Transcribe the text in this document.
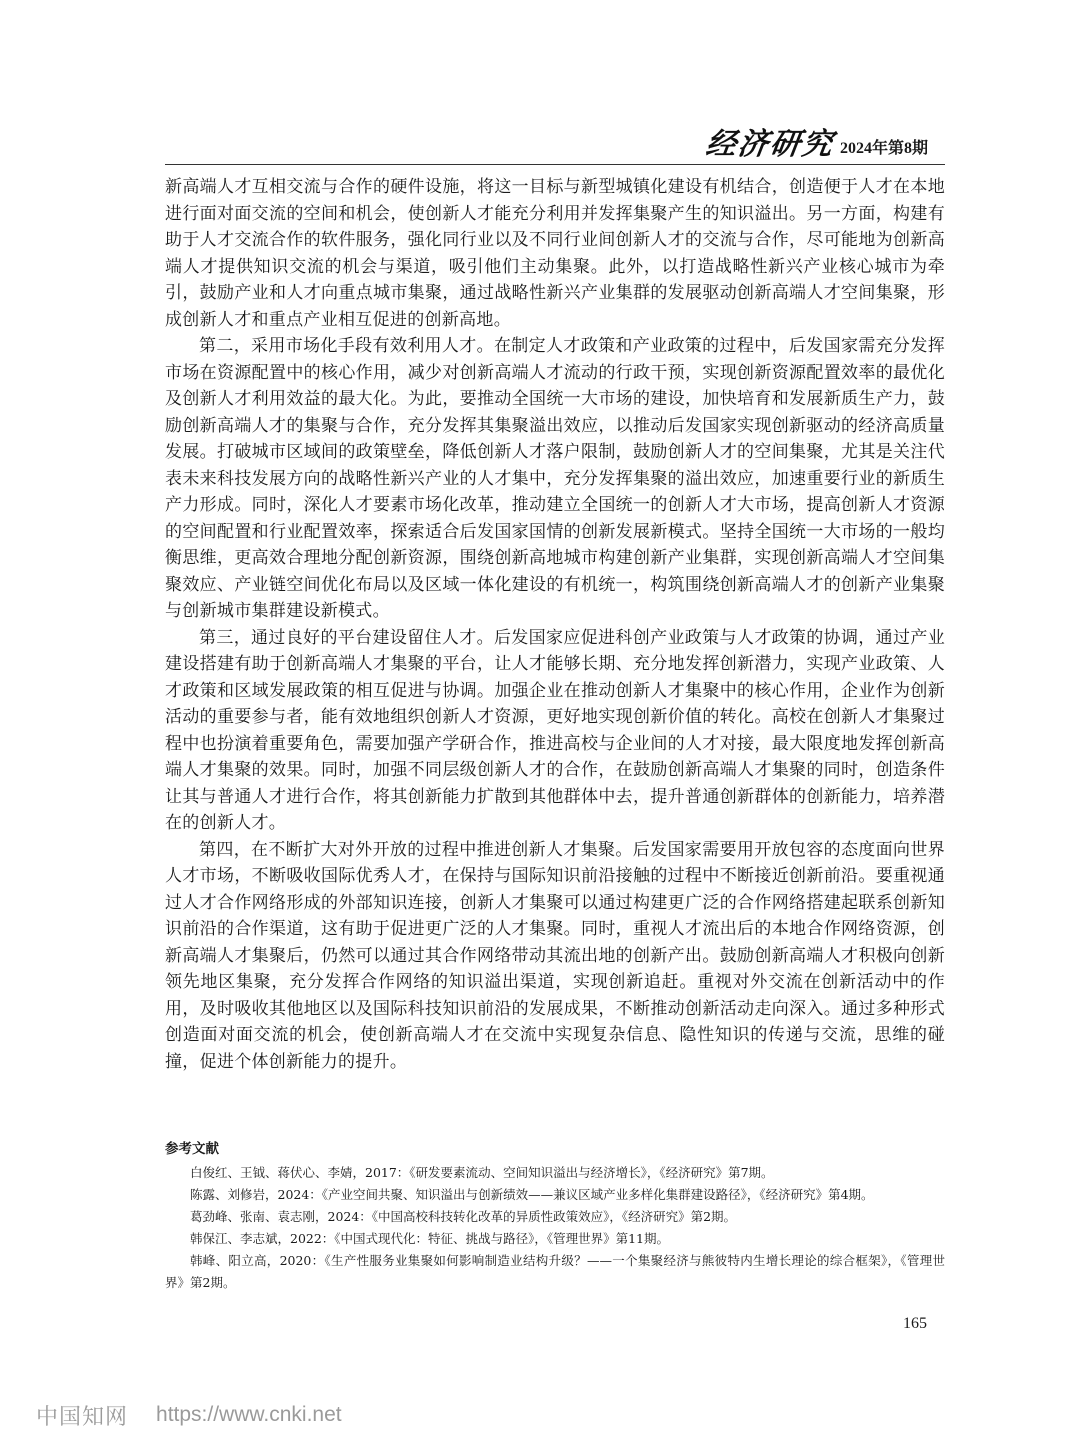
经济研究 2024年第8期

新高端人才互相交流与合作的硬件设施，将这一目标与新型城镇化建设有机结合，创造便于人才在本地进行面对面交流的空间和机会，使创新人才能充分利用并发挥集聚产生的知识溢出。另一方面，构建有助于人才交流合作的软件服务，强化同行业以及不同行业间创新人才的交流与合作，尽可能地为创新高端人才提供知识交流的机会与渠道，吸引他们主动集聚。此外，以打造战略性新兴产业核心城市为牵引，鼓励产业和人才向重点城市集聚，通过战略性新兴产业集群的发展驱动创新高端人才空间集聚，形成创新人才和重点产业相互促进的创新高地。

第二，采用市场化手段有效利用人才。在制定人才政策和产业政策的过程中，后发国家需充分发挥市场在资源配置中的核心作用，减少对创新高端人才流动的行政干预，实现创新资源配置效率的最优化及创新人才利用效益的最大化。为此，要推动全国统一大市场的建设，加快培育和发展新质生产力，鼓励创新高端人才的集聚与合作，充分发挥其集聚溢出效应，以推动后发国家实现创新驱动的经济高质量发展。打破城市区域间的政策壁垒，降低创新人才落户限制，鼓励创新人才的空间集聚，尤其是关注代表未来科技发展方向的战略性新兴产业的人才集中，充分发挥集聚的溢出效应，加速重要行业的新质生产力形成。同时，深化人才要素市场化改革，推动建立全国统一的创新人才大市场，提高创新人才资源的空间配置和行业配置效率，探索适合后发国家国情的创新发展新模式。坚持全国统一大市场的一般均衡思维，更高效合理地分配创新资源，围绕创新高地城市构建创新产业集群，实现创新高端人才空间集聚效应、产业链空间优化布局以及区域一体化建设的有机统一，构筑围绕创新高端人才的创新产业集聚与创新城市集群建设新模式。

第三，通过良好的平台建设留住人才。后发国家应促进科创产业政策与人才政策的协调，通过产业建设搭建有助于创新高端人才集聚的平台，让人才能够长期、充分地发挥创新潜力，实现产业政策、人才政策和区域发展政策的相互促进与协调。加强企业在推动创新人才集聚中的核心作用，企业作为创新活动的重要参与者，能有效地组织创新人才资源，更好地实现创新价值的转化。高校在创新人才集聚过程中也扮演着重要角色，需要加强产学研合作，推进高校与企业间的人才对接，最大限度地发挥创新高端人才集聚的效果。同时，加强不同层级创新人才的合作，在鼓励创新高端人才集聚的同时，创造条件让其与普通人才进行合作，将其创新能力扩散到其他群体中去，提升普通创新群体的创新能力，培养潜在的创新人才。

第四，在不断扩大对外开放的过程中推进创新人才集聚。后发国家需要用开放包容的态度面向世界人才市场，不断吸收国际优秀人才，在保持与国际知识前沿接触的过程中不断接近创新前沿。要重视通过人才合作网络形成的外部知识连接，创新人才集聚可以通过构建更广泛的合作网络搭建起联系创新知识前沿的合作渠道，这有助于促进更广泛的人才集聚。同时，重视人才流出后的本地合作网络资源，创新高端人才集聚后，仍然可以通过其合作网络带动其流出地的创新产出。鼓励创新高端人才积极向创新领先地区集聚，充分发挥合作网络的知识溢出渠道，实现创新追赶。重视对外交流在创新活动中的作用，及时吸收其他地区以及国际科技知识前沿的发展成果，不断推动创新活动走向深入。通过多种形式创造面对面交流的机会，使创新高端人才在交流中实现复杂信息、隐性知识的传递与交流，思维的碰撞，促进个体创新能力的提升。

参考文献

白俊红、王钺、蒋伏心、李婧，2017：《研发要素流动、空间知识溢出与经济增长》，《经济研究》第7期。

陈露、刘修岩，2024：《产业空间共聚、知识溢出与创新绩效——兼议区域产业多样化集群建设路径》，《经济研究》第4期。

葛劲峰、张南、袁志刚，2024：《中国高校科技转化改革的异质性政策效应》，《经济研究》第2期。

韩保江、李志斌，2022：《中国式现代化：特征、挑战与路径》，《管理世界》第11期。

韩峰、阳立高，2020：《生产性服务业集聚如何影响制造业结构升级？——一个集聚经济与熊彼特内生增长理论的综合框架》，《管理世界》第2期。

165
中国知网 https://www.cnki.net
